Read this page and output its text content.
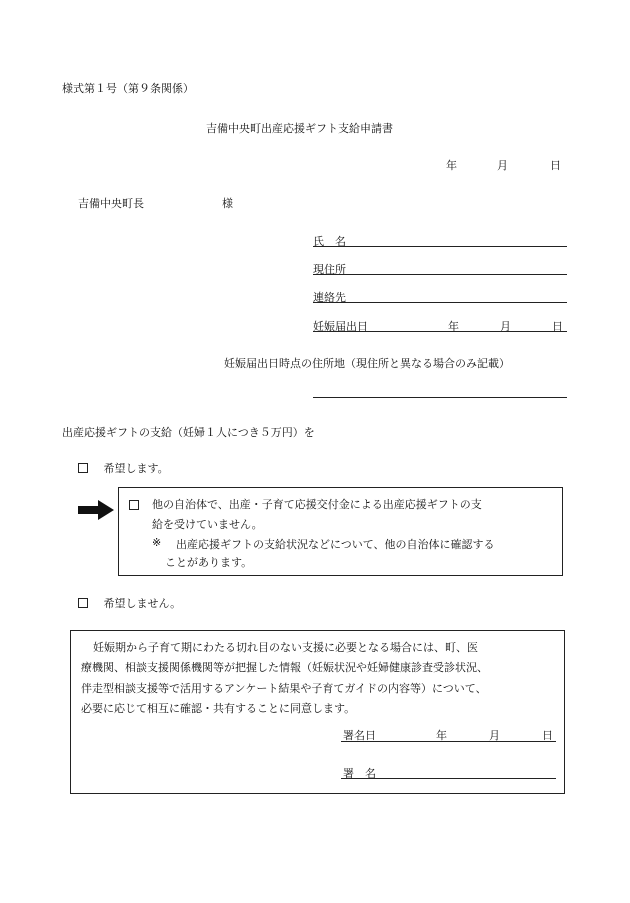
様式第１号（第９条関係）
吉備中央町出産応援ギフト支給申請書
年	月	日
吉備中央町長	様
氏　名
現住所
連絡先
妊娠届出日	年	月	日
妊娠届出日時点の住所地（現住所と異なる場合のみ記載）
出産応援ギフトの支給（妊婦１人につき５万円）を
希望します。
他の自治体で、出産・子育て応援交付金による出産応援ギフトの支
給を受けていません。
※ 出産応援ギフトの支給状況などについて、他の自治体に確認する
ことがあります。
希望しません。
妊娠期から子育て期にわたる切れ目のない支援に必要となる場合には、町、医
療機関、相談支援関係機関等が把握した情報（妊娠状況や妊婦健康診査受診状況、
伴走型相談支援等で活用するアンケート結果や子育てガイドの内容等）について、
必要に応じて相互に確認・共有することに同意します。
署名日	年	月	日
署　名
